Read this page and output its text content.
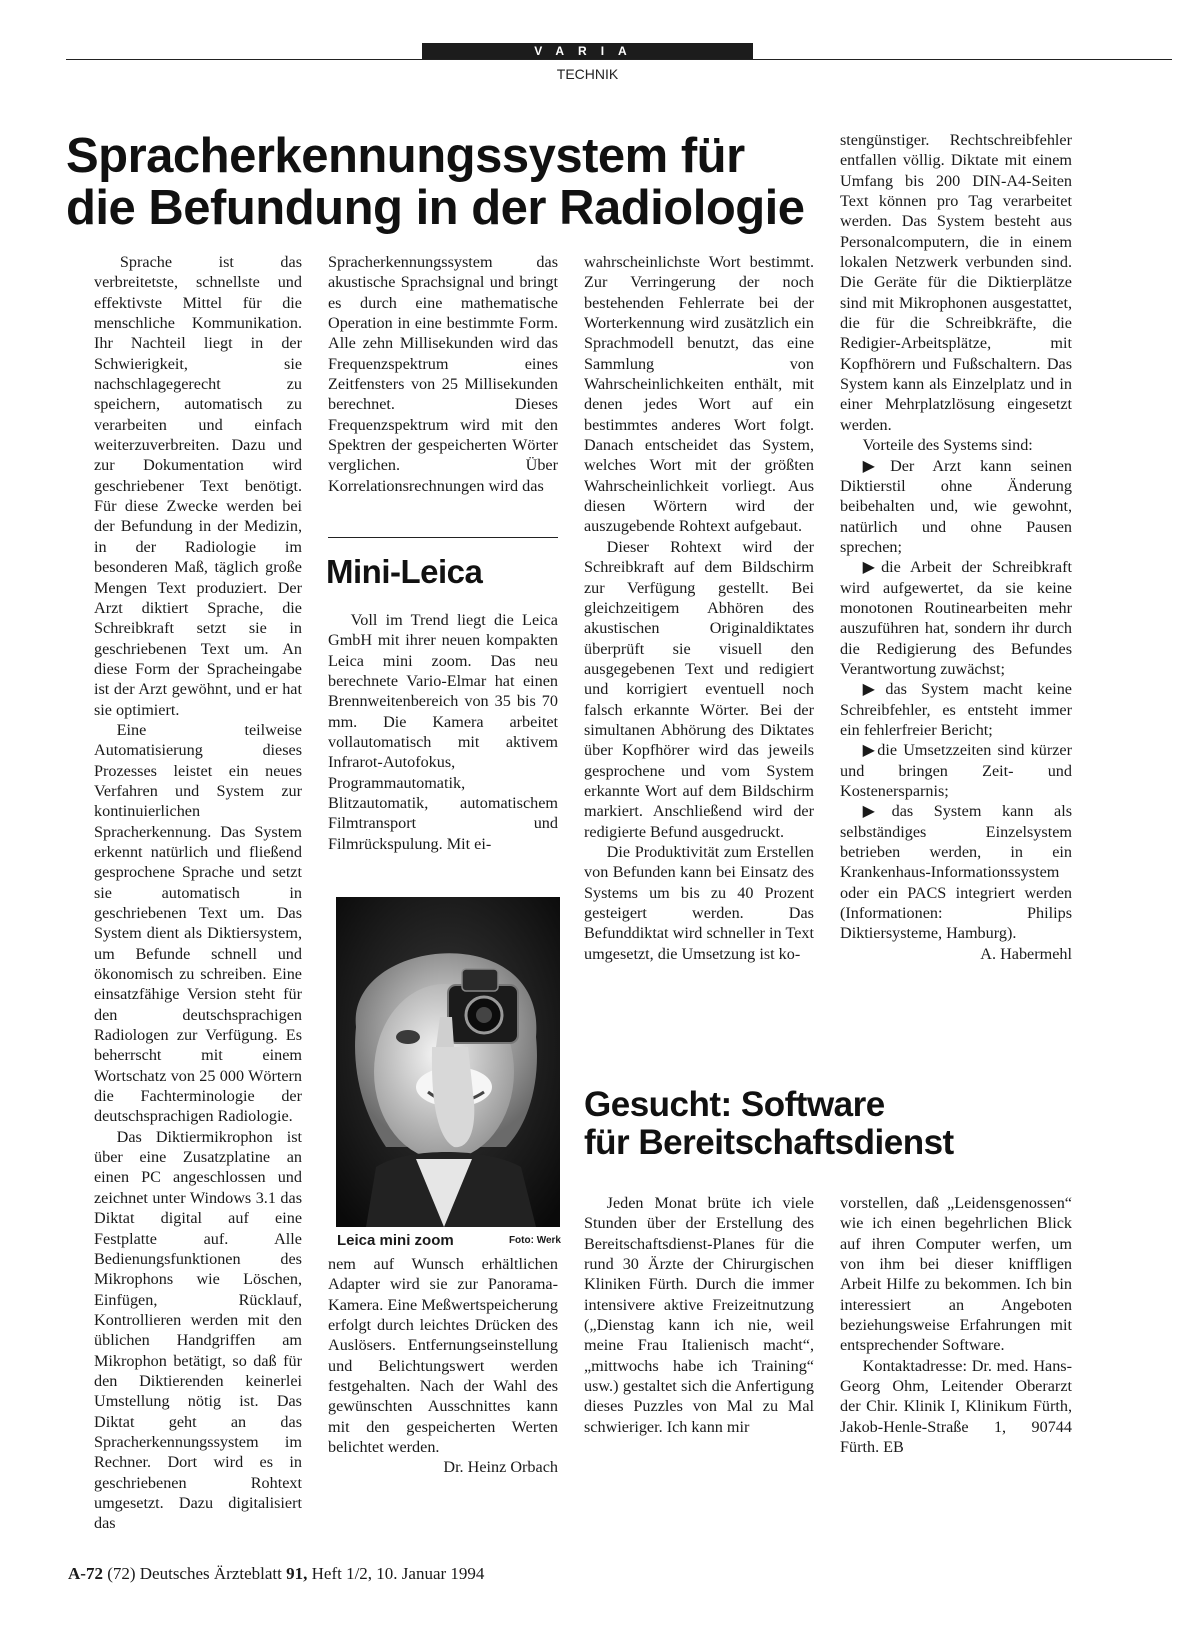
VARIA
TECHNIK
Spracherkennungssystem für
die Befundung in der Radiologie

Sprache ist das verbreitetste, schnellste und effektivste Mittel für die menschliche Kommunikation. Ihr Nachteil liegt in der Schwierigkeit, sie nachschlagegerecht zu speichern, automatisch zu verarbeiten und einfach weiterzuverbreiten. Dazu und zur Dokumentation wird geschriebener Text benötigt. Für diese Zwecke werden bei der Befundung in der Medizin, in der Radiologie im besonderen Maß, täglich große Mengen Text produziert. Der Arzt diktiert Sprache, die Schreibkraft setzt sie in geschriebenen Text um. An diese Form der Spracheingabe ist der Arzt gewöhnt, und er hat sie optimiert.

Eine teilweise Automatisierung dieses Prozesses leistet ein neues Verfahren und System zur kontinuierlichen Spracherkennung. Das System erkennt natürlich und fließend gesprochene Sprache und setzt sie automatisch in geschriebenen Text um. Das System dient als Diktiersystem, um Befunde schnell und ökonomisch zu schreiben. Eine einsatzfähige Version steht für den deutschsprachigen Radiologen zur Verfügung. Es beherrscht mit einem Wortschatz von 25 000 Wörtern die Fachterminologie der deutschsprachigen Radiologie.

Das Diktiermikrophon ist über eine Zusatzplatine an einen PC angeschlossen und zeichnet unter Windows 3.1 das Diktat digital auf eine Festplatte auf. Alle Bedienungsfunktionen des Mikrophons wie Löschen, Einfügen, Rücklauf, Kontrollieren werden mit den üblichen Handgriffen am Mikrophon betätigt, so daß für den Diktierenden keinerlei Umstellung nötig ist. Das Diktat geht an das Spracherkennungssystem im Rechner. Dort wird es in geschriebenen Rohtext umgesetzt. Dazu digitalisiert das

Spracherkennungssystem das akustische Sprachsignal und bringt es durch eine mathematische Operation in eine bestimmte Form. Alle zehn Millisekunden wird das Frequenzspektrum eines Zeitfensters von 25 Millisekunden berechnet. Dieses Frequenzspektrum wird mit den Spektren der gespeicherten Wörter verglichen. Über Korrelationsrechnungen wird das

wahrscheinlichste Wort bestimmt. Zur Verringerung der noch bestehenden Fehlerrate bei der Worterkennung wird zusätzlich ein Sprachmodell benutzt, das eine Sammlung von Wahrscheinlichkeiten enthält, mit denen jedes Wort auf ein bestimmtes anderes Wort folgt. Danach entscheidet das System, welches Wort mit der größten Wahrscheinlichkeit vorliegt. Aus diesen Wörtern wird der auszugebende Rohtext aufgebaut.

Dieser Rohtext wird der Schreibkraft auf dem Bildschirm zur Verfügung gestellt. Bei gleichzeitigem Abhören des akustischen Originaldiktates überprüft sie visuell den ausgegebenen Text und redigiert und korrigiert eventuell noch falsch erkannte Wörter. Bei der simultanen Abhörung des Diktates über Kopfhörer wird das jeweils gesprochene und vom System erkannte Wort auf dem Bildschirm markiert. Anschließend wird der redigierte Befund ausgedruckt.

Die Produktivität zum Erstellen von Befunden kann bei Einsatz des Systems um bis zu 40 Prozent gesteigert werden. Das Befunddiktat wird schneller in Text umgesetzt, die Umsetzung ist ko-

stengünstiger. Rechtschreibfehler entfallen völlig. Diktate mit einem Umfang bis 200 DIN-A4-Seiten Text können pro Tag verarbeitet werden. Das System besteht aus Personalcomputern, die in einem lokalen Netzwerk verbunden sind. Die Geräte für die Diktierplätze sind mit Mikrophonen ausgestattet, die für die Schreibkräfte, die Redigier-Arbeitsplätze, mit Kopfhörern und Fußschaltern. Das System kann als Einzelplatz und in einer Mehrplatzlösung eingesetzt werden.

Vorteile des Systems sind:

▶Der Arzt kann seinen Diktierstil ohne Änderung beibehalten und, wie gewohnt, natürlich und ohne Pausen sprechen;

▶die Arbeit der Schreibkraft wird aufgewertet, da sie keine monotonen Routinearbeiten mehr auszuführen hat, sondern ihr durch die Redigierung des Befundes Verantwortung zuwächst;

▶das System macht keine Schreibfehler, es entsteht immer ein fehlerfreier Bericht;

▶die Umsetzzeiten sind kürzer und bringen Zeit- und Kostenersparnis;

▶das System kann als selbständiges Einzelsystem betrieben werden, in ein Krankenhaus-Informationssystem oder ein PACS integriert werden (Informationen: Philips Diktiersysteme, Hamburg).

A. Habermehl

Mini-Leica

Voll im Trend liegt die Leica GmbH mit ihrer neuen kompakten Leica mini zoom. Das neu berechnete Vario-Elmar hat einen Brennweitenbereich von 35 bis 70 mm. Die Kamera arbeitet vollautomatisch mit aktivem Infrarot-Autofokus, Programmautomatik, Blitzautomatik, automatischem Filmtransport und Filmrückspulung. Mit ei-

Leica mini zoom	Foto: Werk

nem auf Wunsch erhältlichen Adapter wird sie zur Panorama-Kamera. Eine Meßwertspeicherung erfolgt durch leichtes Drücken des Auslösers. Entfernungseinstellung und Belichtungswert werden festgehalten. Nach der Wahl des gewünschten Ausschnittes kann mit den gespeicherten Werten belichtet werden.

Dr. Heinz Orbach

Gesucht: Software
für Bereitschaftsdienst

Jeden Monat brüte ich viele Stunden über der Erstellung des Bereitschaftsdienst-Planes für die rund 30 Ärzte der Chirurgischen Kliniken Fürth. Durch die immer intensivere aktive Freizeitnutzung („Dienstag kann ich nie, weil meine Frau Italienisch macht“, „mittwochs habe ich Training“ usw.) gestaltet sich die Anfertigung dieses Puzzles von Mal zu Mal schwieriger. Ich kann mir

vorstellen, daß „Leidensgenossen“ wie ich einen begehrlichen Blick auf ihren Computer werfen, um von ihm bei dieser kniffligen Arbeit Hilfe zu bekommen. Ich bin interessiert an Angeboten beziehungsweise Erfahrungen mit entsprechender Software.

Kontaktadresse: Dr. med. Hans-Georg Ohm, Leitender Oberarzt der Chir. Klinik I, Klinikum Fürth, Jakob-Henle-Straße 1, 90744 Fürth. EB

A-72 (72) Deutsches Ärzteblatt 91, Heft 1/2, 10. Januar 1994
